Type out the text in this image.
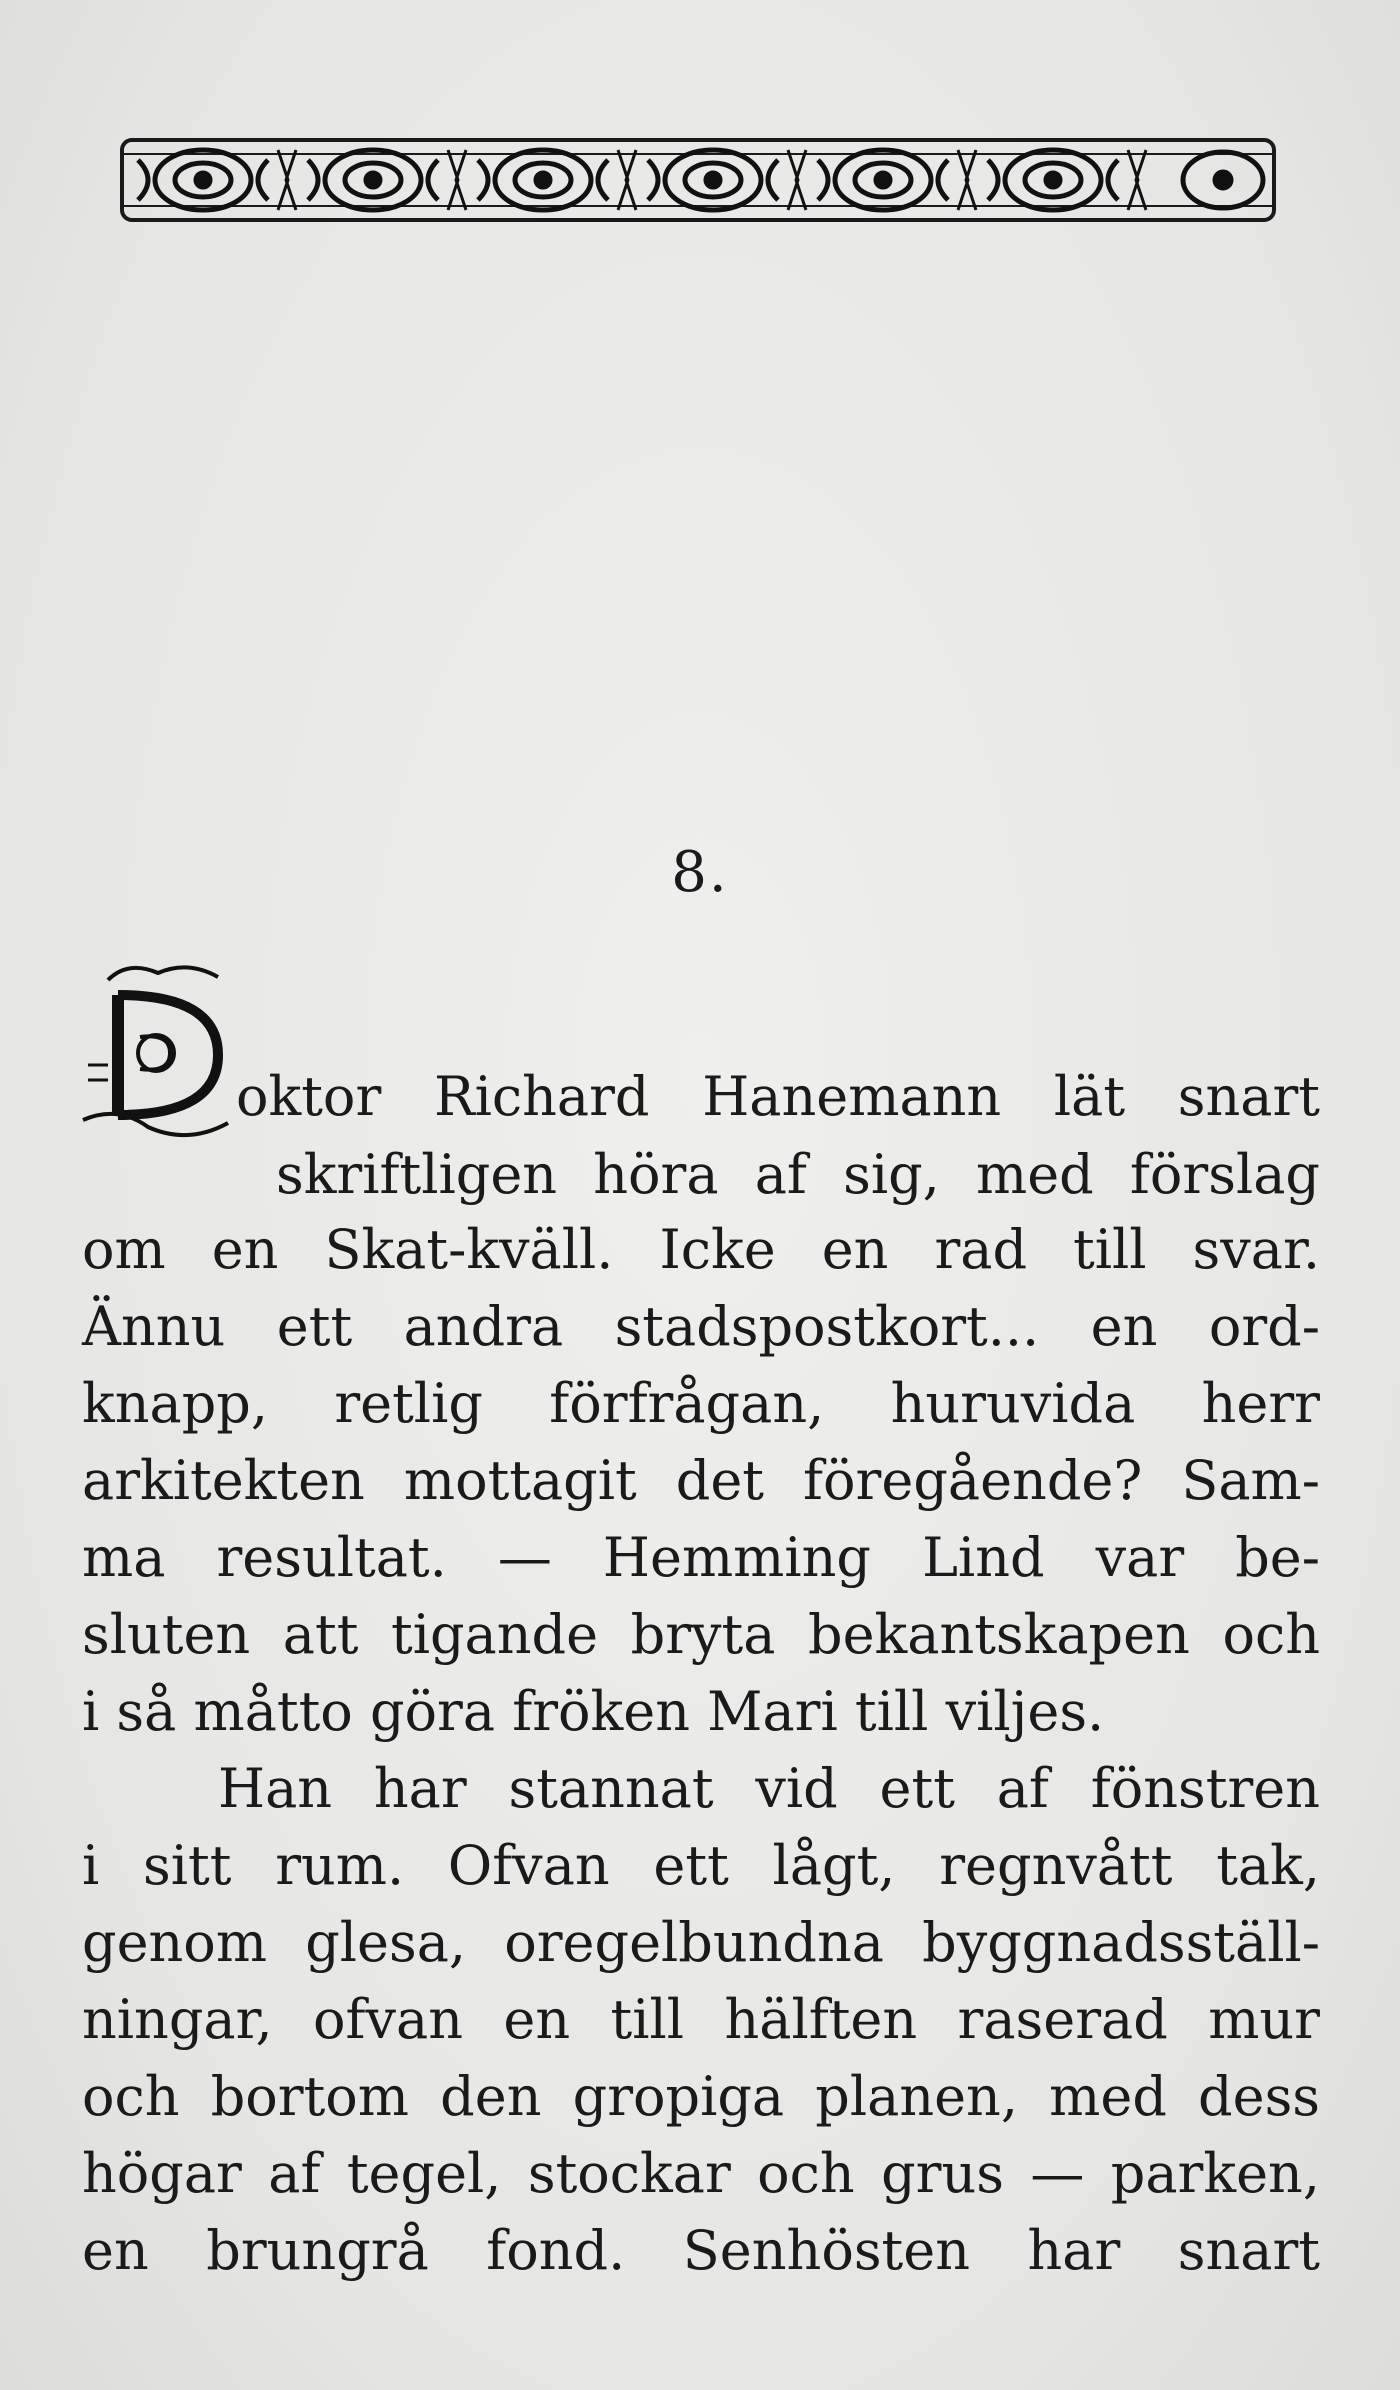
8.
D	oktor Richard Hanemann lät snart
skriftligen höra af sig, med förslag
om en Skat-kväll. Icke en rad till svar.
Ännu ett andra stadspostkort... en ord-
knapp, retlig förfrågan, huruvida herr
arkitekten mottagit det föregående? Sam-
ma resultat. — Hemming Lind var be-
sluten att tigande bryta bekantskapen och
i så måtto göra fröken Mari till viljes.
Han har stannat vid ett af fönstren
i sitt rum. Ofvan ett lågt, regnvått tak,
genom glesa, oregelbundna byggnadsställ-
ningar, ofvan en till hälften raserad mur
och bortom den gropiga planen, med dess
högar af tegel, stockar och grus — parken,
en brungrå fond. Senhösten har snart
